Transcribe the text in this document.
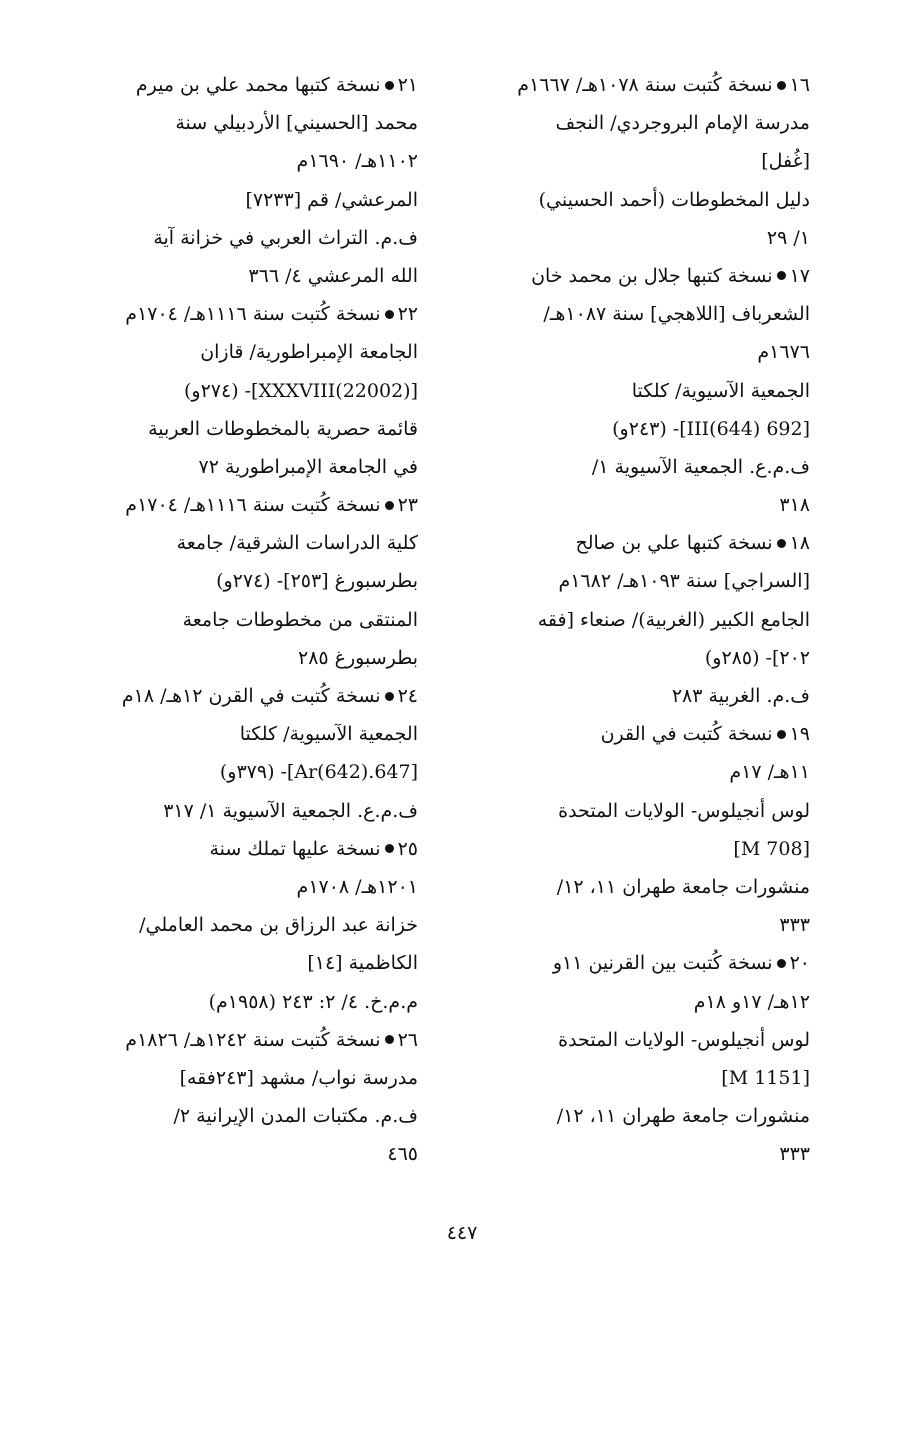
١٦نسخة كُتبت سنة ١٠٧٨هـ/ ١٦٦٧م
مدرسة الإمام البروجردي/ النجف
[غُفل]
دليل المخطوطات (أحمد الحسيني)
١/ ٢٩
١٧نسخة كتبها جلال بن محمد خان
الشعرباف [اللاهجي] سنة ١٠٨٧هـ/
١٦٧٦م
الجمعية الآسيوية/ كلكتا
[692 III(644)]- (٢٤٣و)
ف.م.ع. الجمعية الآسيوية ١/
٣١٨
١٨نسخة كتبها علي بن صالح
[السراجي] سنة ١٠٩٣هـ/ ١٦٨٢م
الجامع الكبير (الغربية)/ صنعاء [فقه
٢٠٢]- (٢٨٥و)
ف.م. الغربية ٢٨٣
١٩نسخة كُتبت في القرن
١١هـ/ ١٧م
لوس أنجيلوس- الولايات المتحدة
[M 708]
منشورات جامعة طهران ١١، ١٢/
٣٣٣
٢٠نسخة كُتبت بين القرنين ١١و
١٢هـ/ ١٧و ١٨م
لوس أنجيلوس- الولايات المتحدة
[M 1151]
منشورات جامعة طهران ١١، ١٢/
٣٣٣
٢١نسخة كتبها محمد علي بن ميرم
محمد [الحسيني] الأردبيلي سنة
١١٠٢هـ/ ١٦٩٠م
المرعشي/ قم [٧٢٣٣]
ف.م. التراث العربي في خزانة آية
الله المرعشي ٤/ ٣٦٦
٢٢نسخة كُتبت سنة ١١١٦هـ/ ١٧٠٤م
الجامعة الإمبراطورية/ قازان
[XXXVIII(22002)]- (٢٧٤و)
قائمة حصرية بالمخطوطات العربية
في الجامعة الإمبراطورية ٧٢
٢٣نسخة كُتبت سنة ١١١٦هـ/ ١٧٠٤م
كلية الدراسات الشرقية/ جامعة
بطرسبورغ [٢٥٣]- (٢٧٤و)
المنتقى من مخطوطات جامعة
بطرسبورغ ٢٨٥
٢٤نسخة كُتبت في القرن ١٢هـ/ ١٨م
الجمعية الآسيوية/ كلكتا
[647.Ar(642)]- (٣٧٩و)
ف.م.ع. الجمعية الآسيوية ١/ ٣١٧
٢٥نسخة عليها تملك سنة
١٢٠١هـ/ ١٧٠٨م
خزانة عبد الرزاق بن محمد العاملي/
الكاظمية [١٤]
م.م.خ. ٤/ ٢: ٢٤٣ (١٩٥٨م)
٢٦نسخة كُتبت سنة ١٢٤٢هـ/ ١٨٢٦م
مدرسة نواب/ مشهد [٢٤٣فقه]
ف.م. مكتبات المدن الإيرانية ٢/
٤٦٥
٤٤٧
